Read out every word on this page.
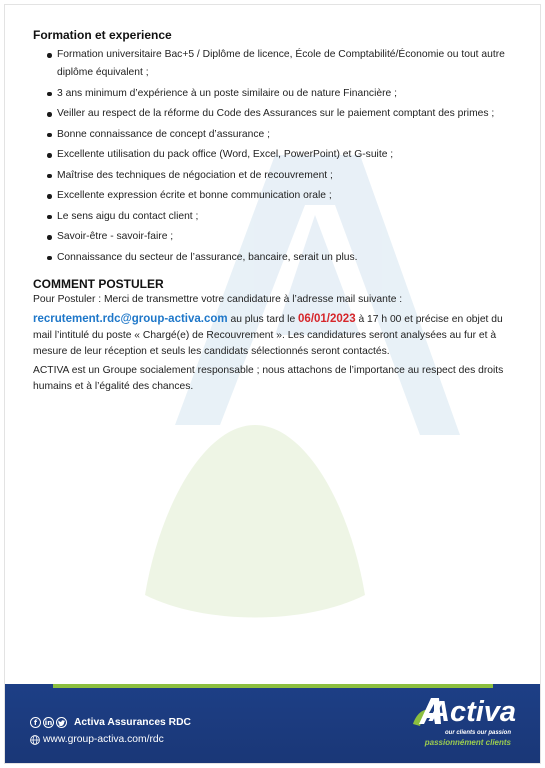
Formation et experience
Formation universitaire Bac+5 / Diplôme de licence, École de Comptabilité/Économie ou tout autre diplôme équivalent ;
3 ans minimum d’expérience à un poste similaire ou de nature Financière ;
Veiller au respect de la réforme du Code des Assurances sur le paiement comptant des primes ;
Bonne connaissance de concept d’assurance ;
Excellente utilisation du pack office (Word, Excel, PowerPoint) et G-suite ;
Maîtrise des techniques de négociation et de recouvrement ;
Excellente expression écrite et bonne communication orale ;
Le sens aigu du contact client ;
Savoir-être - savoir-faire ;
Connaissance du secteur de l’assurance, bancaire, serait un plus.
COMMENT POSTULER

Pour Postuler : Merci de transmettre votre candidature à l’adresse mail suivante :

recrutement.rdc@group-activa.com au plus tard le 06/01/2023 à 17 h 00 et précise en objet du mail l’intitulé du poste « Chargé(e) de Recouvrement ». Les candidatures seront analysées au fur et à mesure de leur réception et seuls les candidats sélectionnés seront contactés.

ACTIVA est un Groupe socialement responsable ; nous attachons de l’importance au respect des droits humains et à l’égalité des chances.

f	in Activa Assurances RDC
www.group-activa.com/rdc
Activa
our clients our passion
passionnément clients
